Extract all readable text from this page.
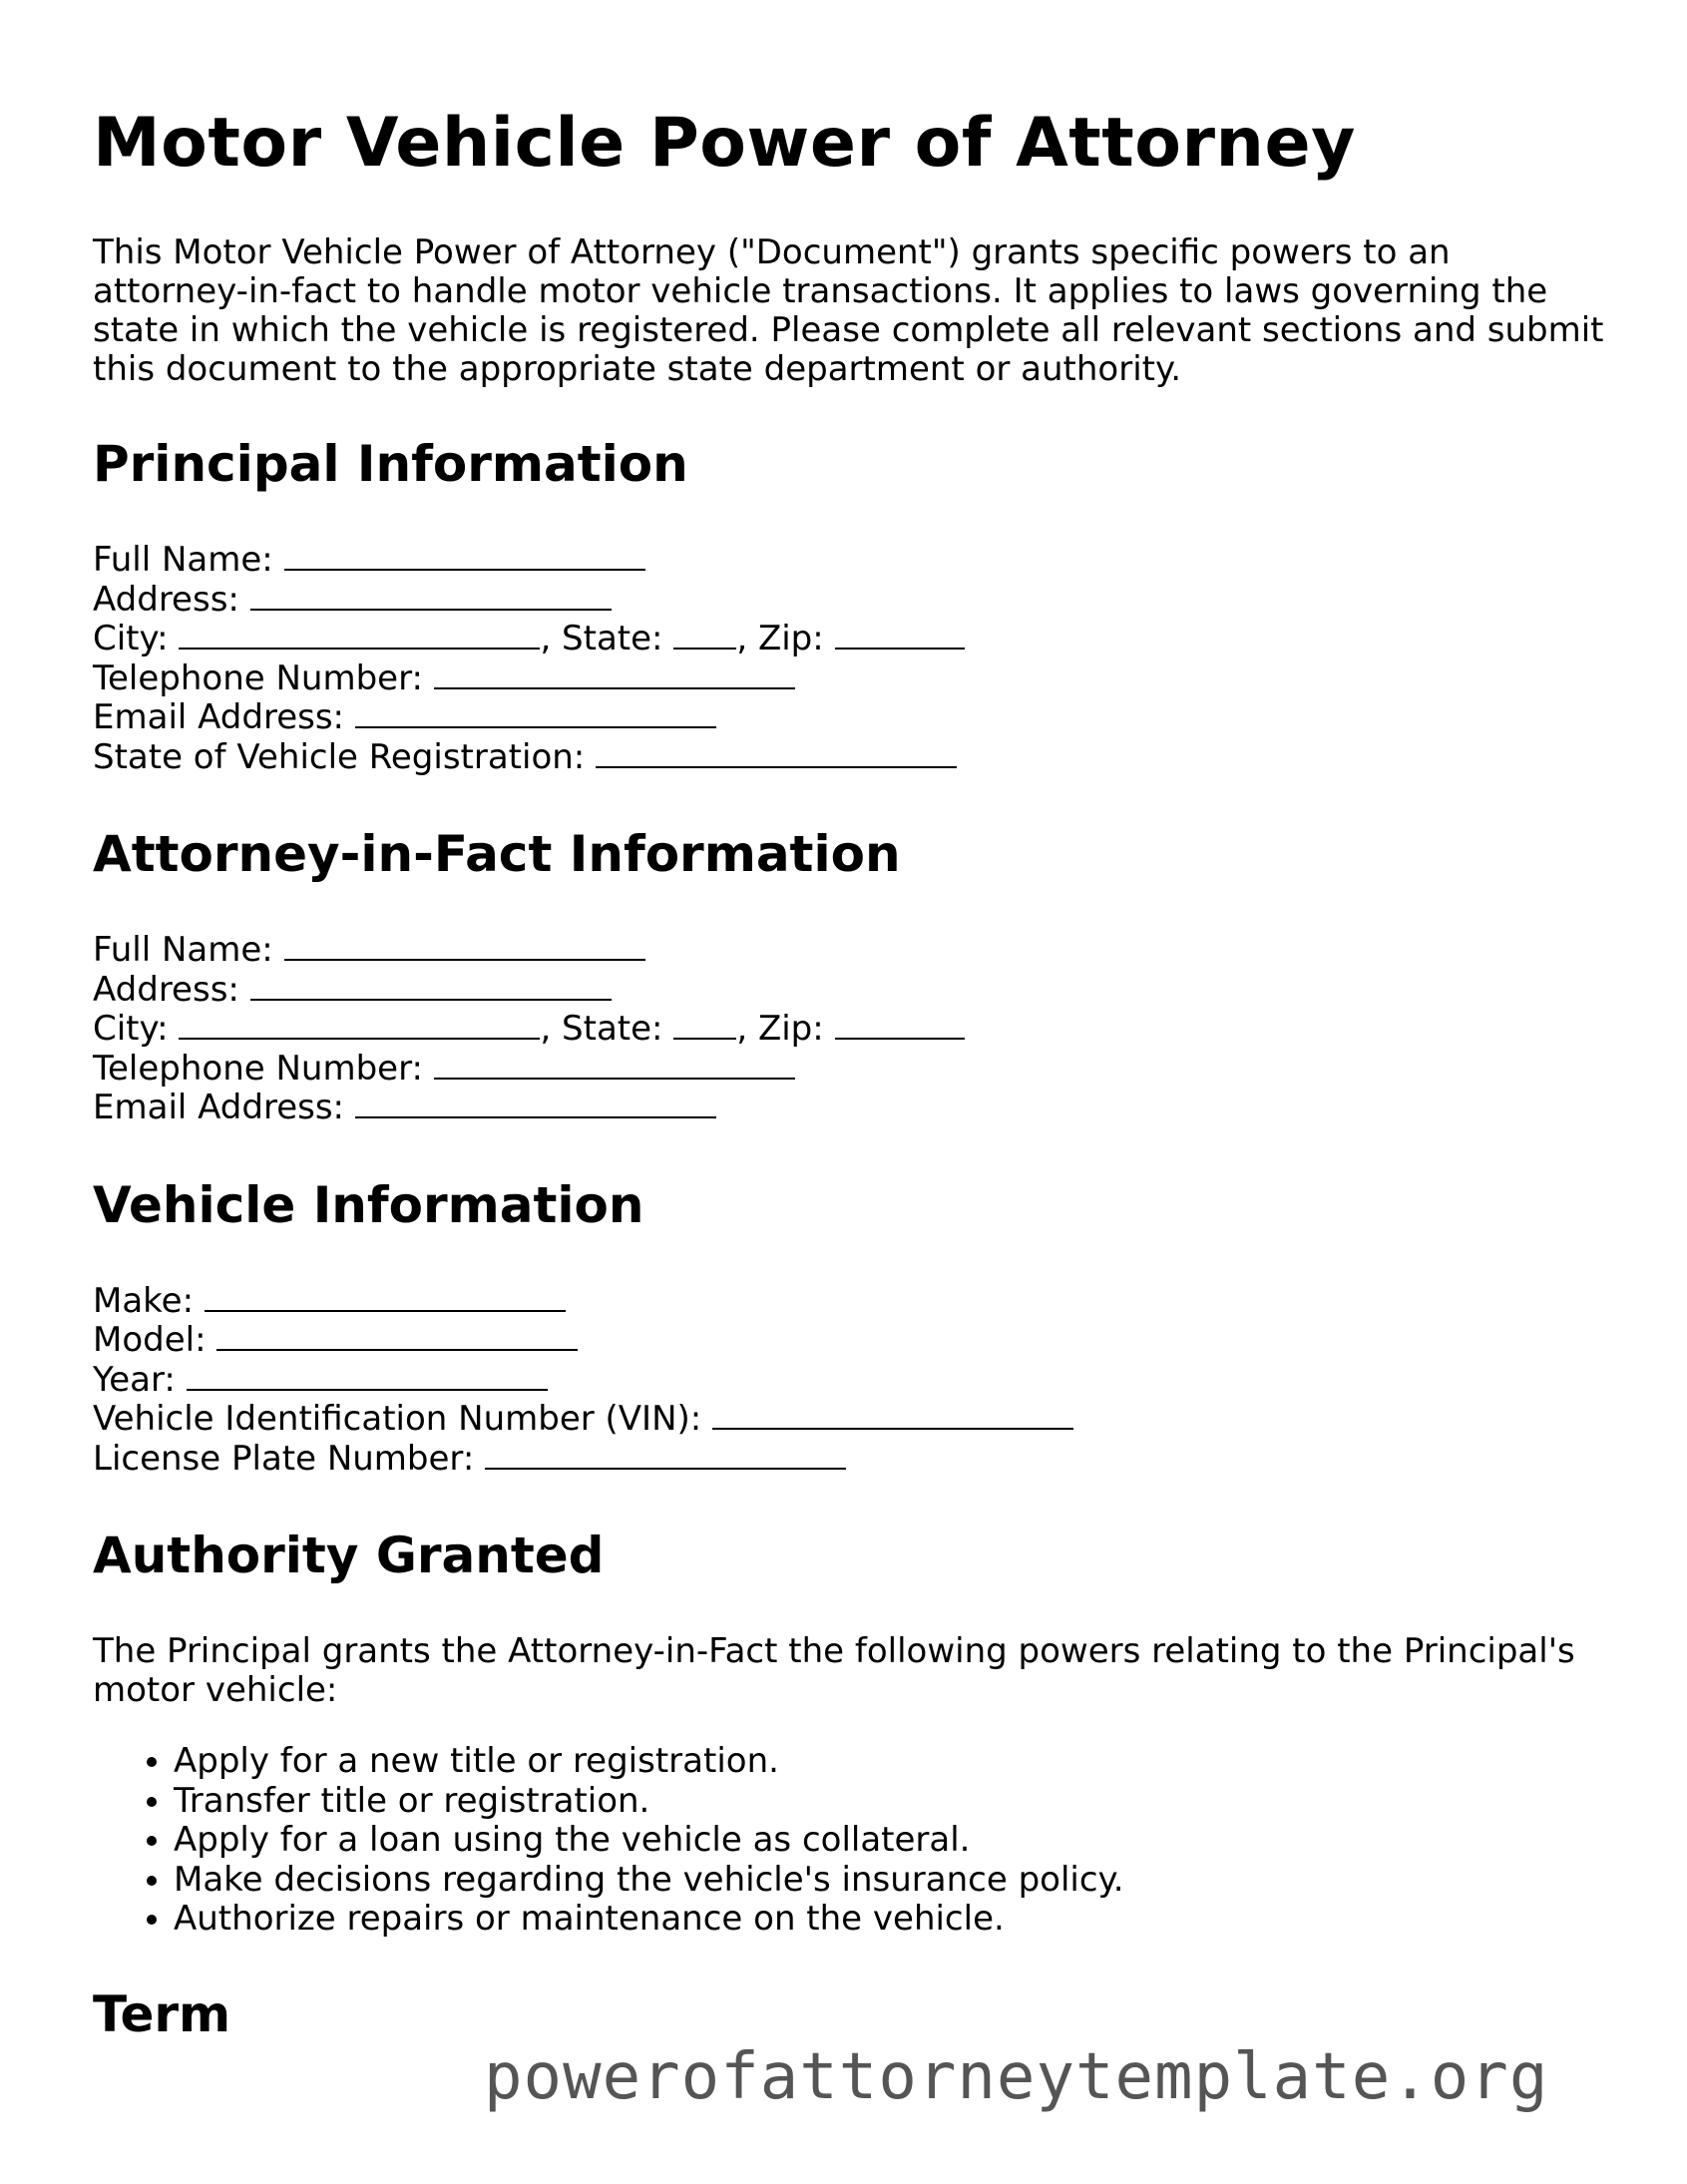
Motor Vehicle Power of Attorney

This Motor Vehicle Power of Attorney ("Document") grants specific powers to an attorney-in-fact to handle motor vehicle transactions. It applies to laws governing the state in which the vehicle is registered. Please complete all relevant sections and submit this document to the appropriate state department or authority.

Principal Information
Full Name:
Address:
City:	, State: , Zip:
Telephone Number:
Email Address:
State of Vehicle Registration:
Attorney-in-Fact Information
Full Name:
Address:
City:	, State: , Zip:
Telephone Number:
Email Address:
Vehicle Information
Make:
Model:
Year:
Vehicle Identification Number (VIN):
License Plate Number:
Authority Granted

The Principal grants the Attorney-in-Fact the following powers relating to the Principal's motor vehicle:

• Apply for a new title or registration.
• Transfer title or registration.
• Apply for a loan using the vehicle as collateral.
• Make decisions regarding the vehicle's insurance policy.
• Authorize repairs or maintenance on the vehicle.
Term
powerofattorneytemplate.org
